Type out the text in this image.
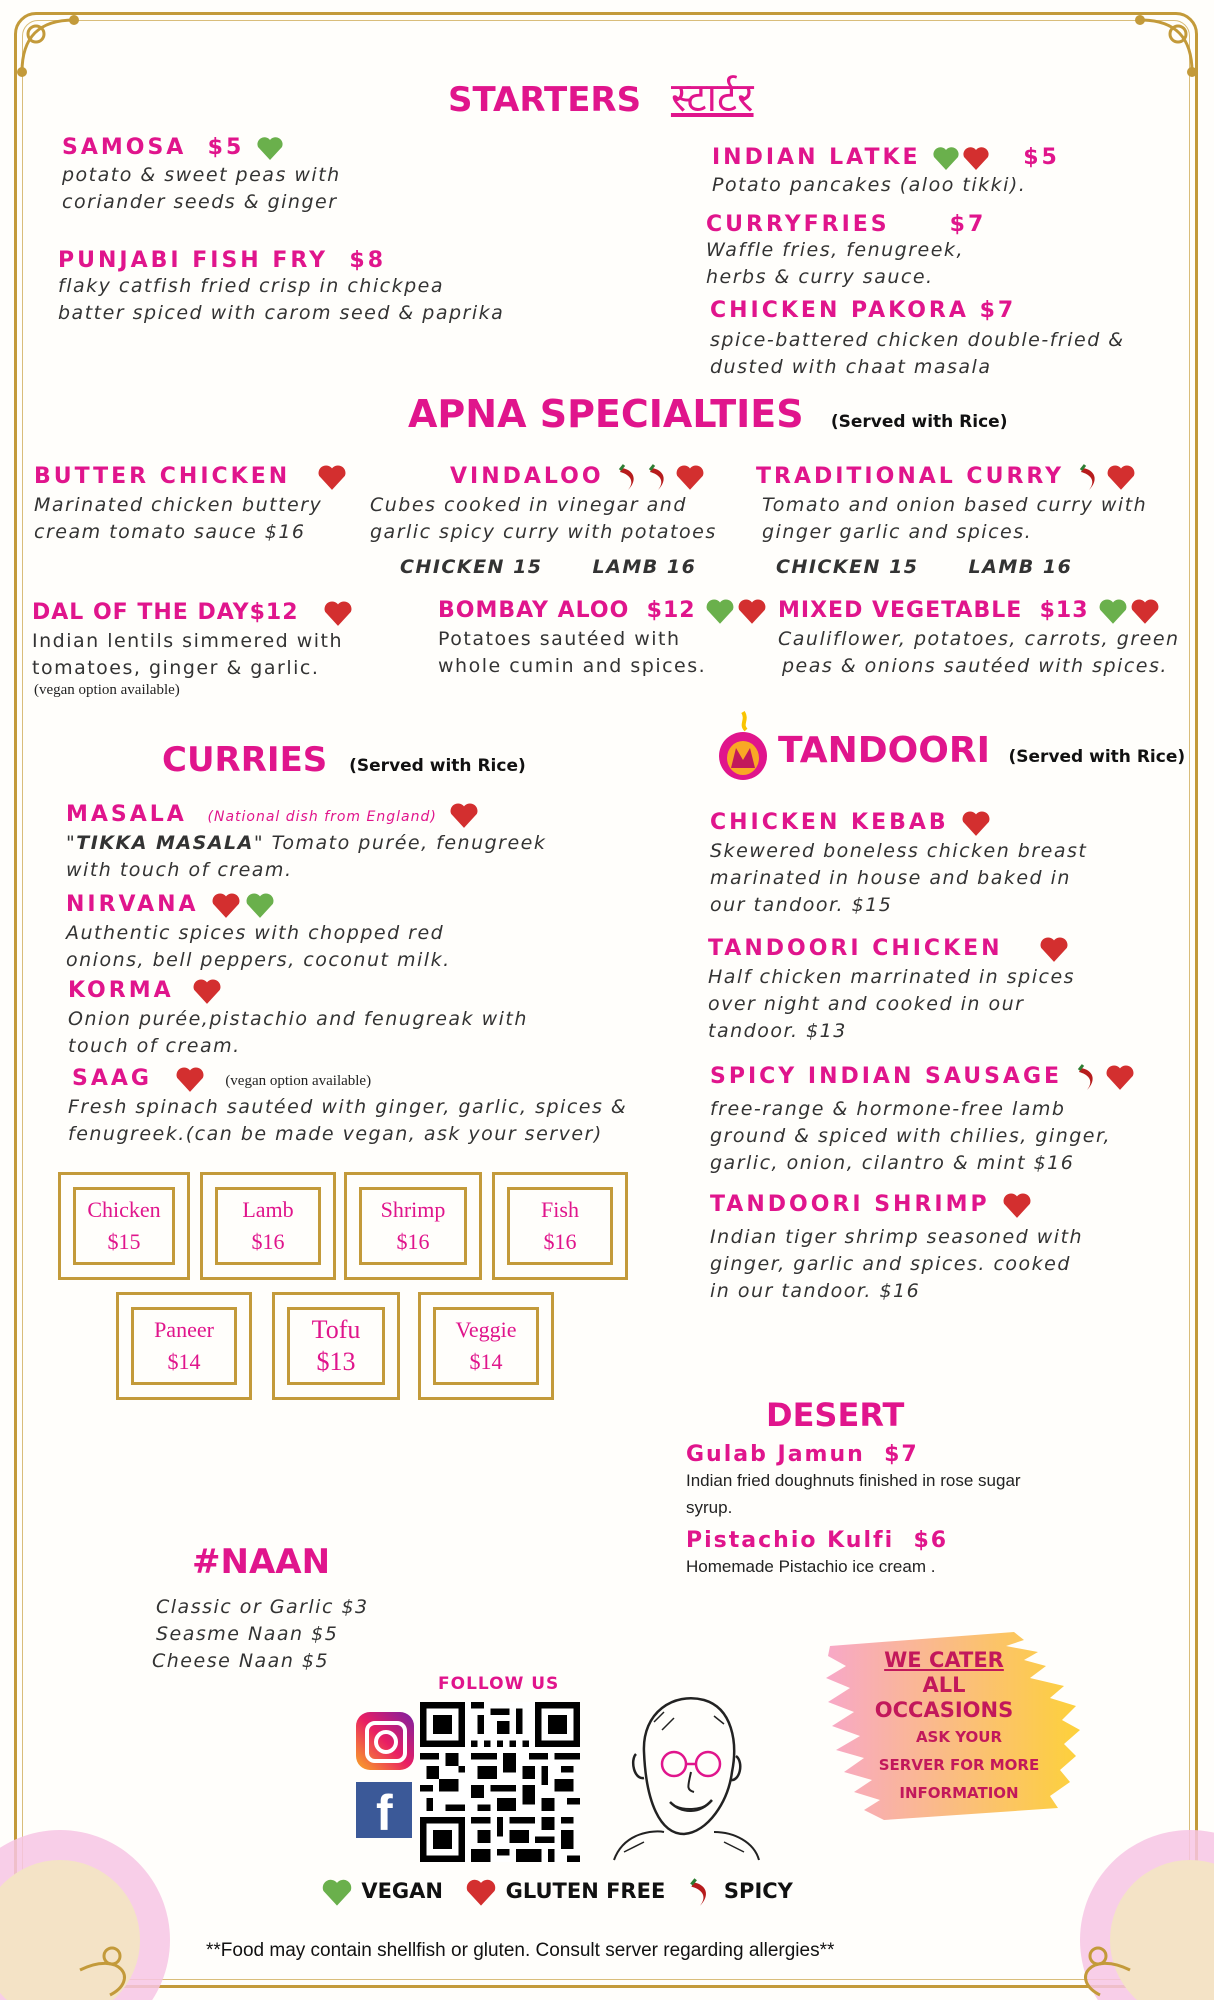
STARTERS स्टार्टर
SAMOSA $5
potato & sweet peas with
coriander seeds & ginger
PUNJABI FISH FRY $8
flaky catfish fried crisp in chickpea
batter spiced with carom seed & paprika
INDIAN LATKE	$5
Potato pancakes (aloo tikki).
CURRYFRIES	$7
Waffle fries, fenugreek,
herbs & curry sauce.
CHICKEN PAKORA $7
spice-battered chicken double-fried &
dusted with chaat masala
APNA SPECIALTIES (Served with Rice)
BUTTER CHICKEN
Marinated chicken buttery
cream tomato sauce $16
VINDALOO
Cubes cooked in vinegar and
garlic spicy curry with potatoes
CHICKEN 15	LAMB 16
TRADITIONAL CURRY
Tomato and onion based curry with
ginger garlic and spices.
CHICKEN 15	LAMB 16
DAL OF THE DAY$12
Indian lentils simmered with
tomatoes, ginger & garlic.
(vegan option available)
BOMBAY ALOO $12
Potatoes sautéed with
whole cumin and spices.
MIXED VEGETABLE $13
Cauliflower, potatoes, carrots, green
peas & onions sautéed with spices.
CURRIES (Served with Rice)
MASALA (National dish from England)
"TIKKA MASALA" Tomato purée, fenugreek
with touch of cream.
NIRVANA
Authentic spices with chopped red
onions, bell peppers, coconut milk.
KORMA
Onion purée,pistachio and fenugreak with
touch of cream.
SAAG	(vegan option available)
Fresh spinach sautéed with ginger, garlic, spices &
fenugreek.(can be made vegan, ask your server)
Chicken
$15
Lamb
$16
Shrimp
$16
Fish
$16
Paneer
$14
Tofu
$13
Veggie
$14
TANDOORI (Served with Rice)
CHICKEN KEBAB
Skewered boneless chicken breast
marinated in house and baked in
our tandoor. $15
TANDOORI CHICKEN
Half chicken marrinated in spices
over night and cooked in our
tandoor. $13
SPICY INDIAN SAUSAGE
free-range & hormone-free lamb
ground & spiced with chilies, ginger,
garlic, onion, cilantro & mint $16
TANDOORI SHRIMP
Indian tiger shrimp seasoned with
ginger, garlic and spices. cooked
in our tandoor. $16
DESERT
Gulab Jamun $7
Indian fried doughnuts finished in rose sugar
syrup.
Pistachio Kulfi $6
Homemade Pistachio ice cream .
#NAAN
Classic or Garlic $3
Seasme Naan $5
Cheese Naan $5
FOLLOW US
f
WE CATER
ALL
OCCASIONS
ASK YOUR
SERVER FOR MORE
INFORMATION
VEGAN	GLUTEN FREE	SPICY
**Food may contain shellfish or gluten. Consult server regarding allergies**
